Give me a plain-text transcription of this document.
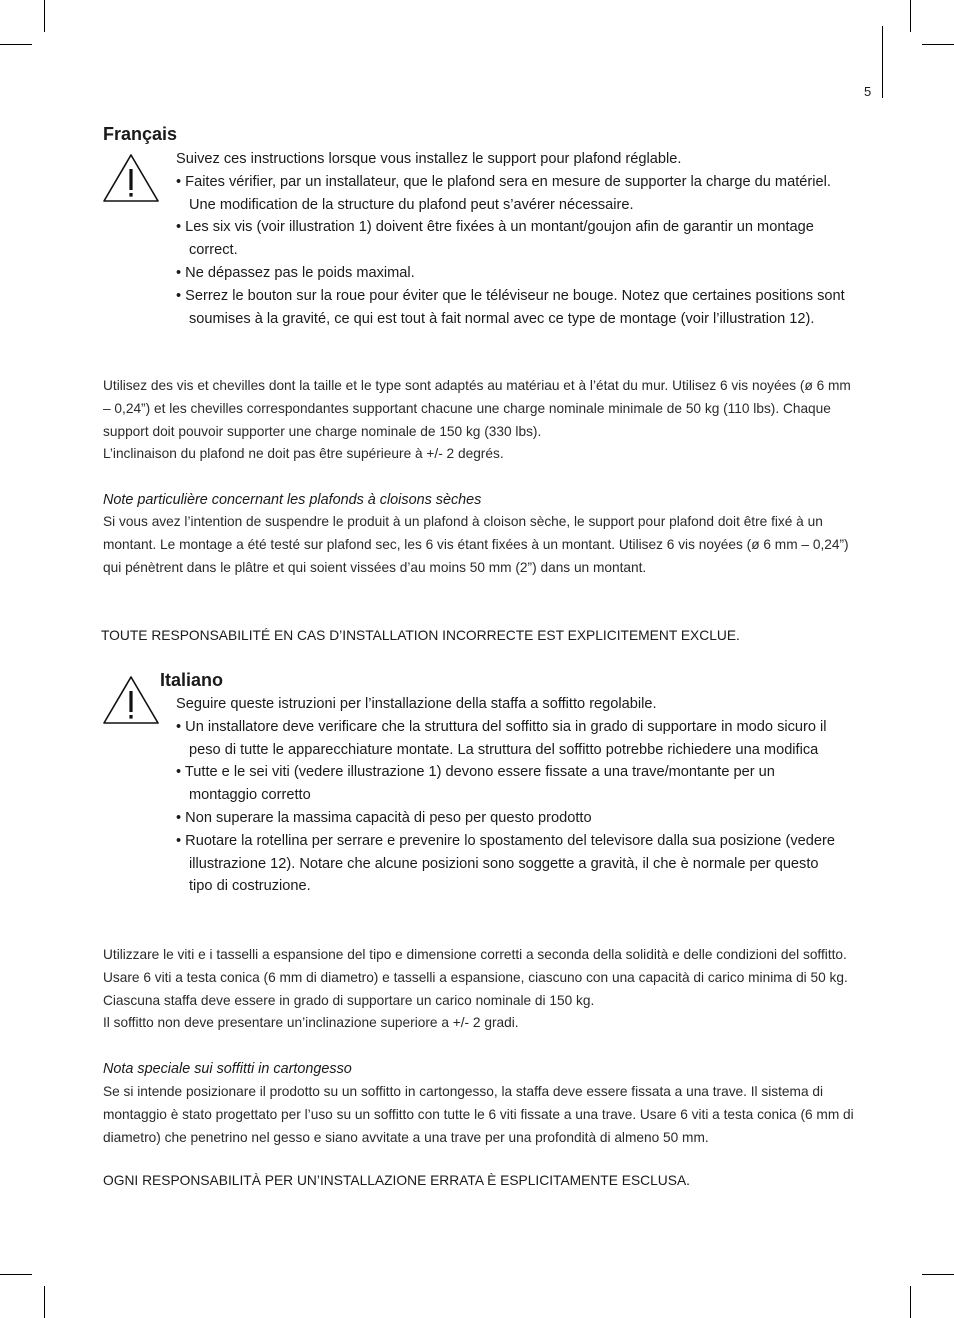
5
Français

Suivez ces instructions lorsque vous installez le support pour plafond réglable.

• Faites vérifier, par un installateur, que le plafond sera en mesure de supporter la charge du matériel. Une modification de la structure du plafond peut s’avérer nécessaire.

• Les six vis (voir illustration 1) doivent être fixées à un montant/goujon afin de garantir un montage correct.

• Ne dépassez pas le poids maximal.

• Serrez le bouton sur la roue pour éviter que le téléviseur ne bouge. Notez que certaines positions sont soumises à la gravité, ce qui est tout à fait normal avec ce type de montage (voir l’illustration 12).

Utilisez des vis et chevilles dont la taille et le type sont adaptés au matériau et à l’état du mur. Utilisez 6 vis noyées (ø 6 mm – 0,24”) et les chevilles correspondantes supportant chacune une charge nominale minimale de 50 kg (110 lbs). Chaque support doit pouvoir supporter une charge nominale de 150 kg (330 lbs).

L’inclinaison du plafond ne doit pas être supérieure à +/- 2 degrés.

Note particulière concernant les plafonds à cloisons sèches
Si vous avez l’intention de suspendre le produit à un plafond à cloison sèche, le support pour plafond doit être fixé à un montant. Le montage a été testé sur plafond sec, les 6 vis étant fixées à un montant. Utilisez 6 vis noyées (ø 6 mm – 0,24”) qui pénètrent dans le plâtre et qui soient vissées d’au moins 50 mm (2”) dans un montant.
TOUTE RESPONSABILITÉ EN CAS D’INSTALLATION INCORRECTE EST EXPLICITEMENT EXCLUE.
Italiano

Seguire queste istruzioni per l’installazione della staffa a soffitto regolabile.

• Un installatore deve verificare che la struttura del soffitto sia in grado di supportare in modo sicuro il peso di tutte le apparecchiature montate. La struttura del soffitto potrebbe richiedere una modifica

• Tutte e le sei viti (vedere illustrazione 1) devono essere fissate a una trave/montante per un montaggio corretto

• Non superare la massima capacità di peso per questo prodotto

• Ruotare la rotellina per serrare e prevenire lo spostamento del televisore dalla sua posizione (vedere illustrazione 12). Notare che alcune posizioni sono soggette a gravità, il che è normale per questo tipo di costruzione.

Utilizzare le viti e i tasselli a espansione del tipo e dimensione corretti a seconda della solidità e delle condizioni del soffitto. Usare 6 viti a testa conica (6 mm di diametro) e tasselli a espansione, ciascuno con una capacità di carico minima di 50 kg. Ciascuna staffa deve essere in grado di supportare un carico nominale di 150 kg.

Il soffitto non deve presentare un’inclinazione superiore a +/- 2 gradi.

Nota speciale sui soffitti in cartongesso
Se si intende posizionare il prodotto su un soffitto in cartongesso, la staffa deve essere fissata a una trave. Il sistema di montaggio è stato progettato per l’uso su un soffitto con tutte le 6 viti fissate a una trave. Usare 6 viti a testa conica (6 mm di diametro) che penetrino nel gesso e siano avvitate a una trave per una profondità di almeno 50 mm.
OGNI RESPONSABILITÀ PER UN’INSTALLAZIONE ERRATA È ESPLICITAMENTE ESCLUSA.
